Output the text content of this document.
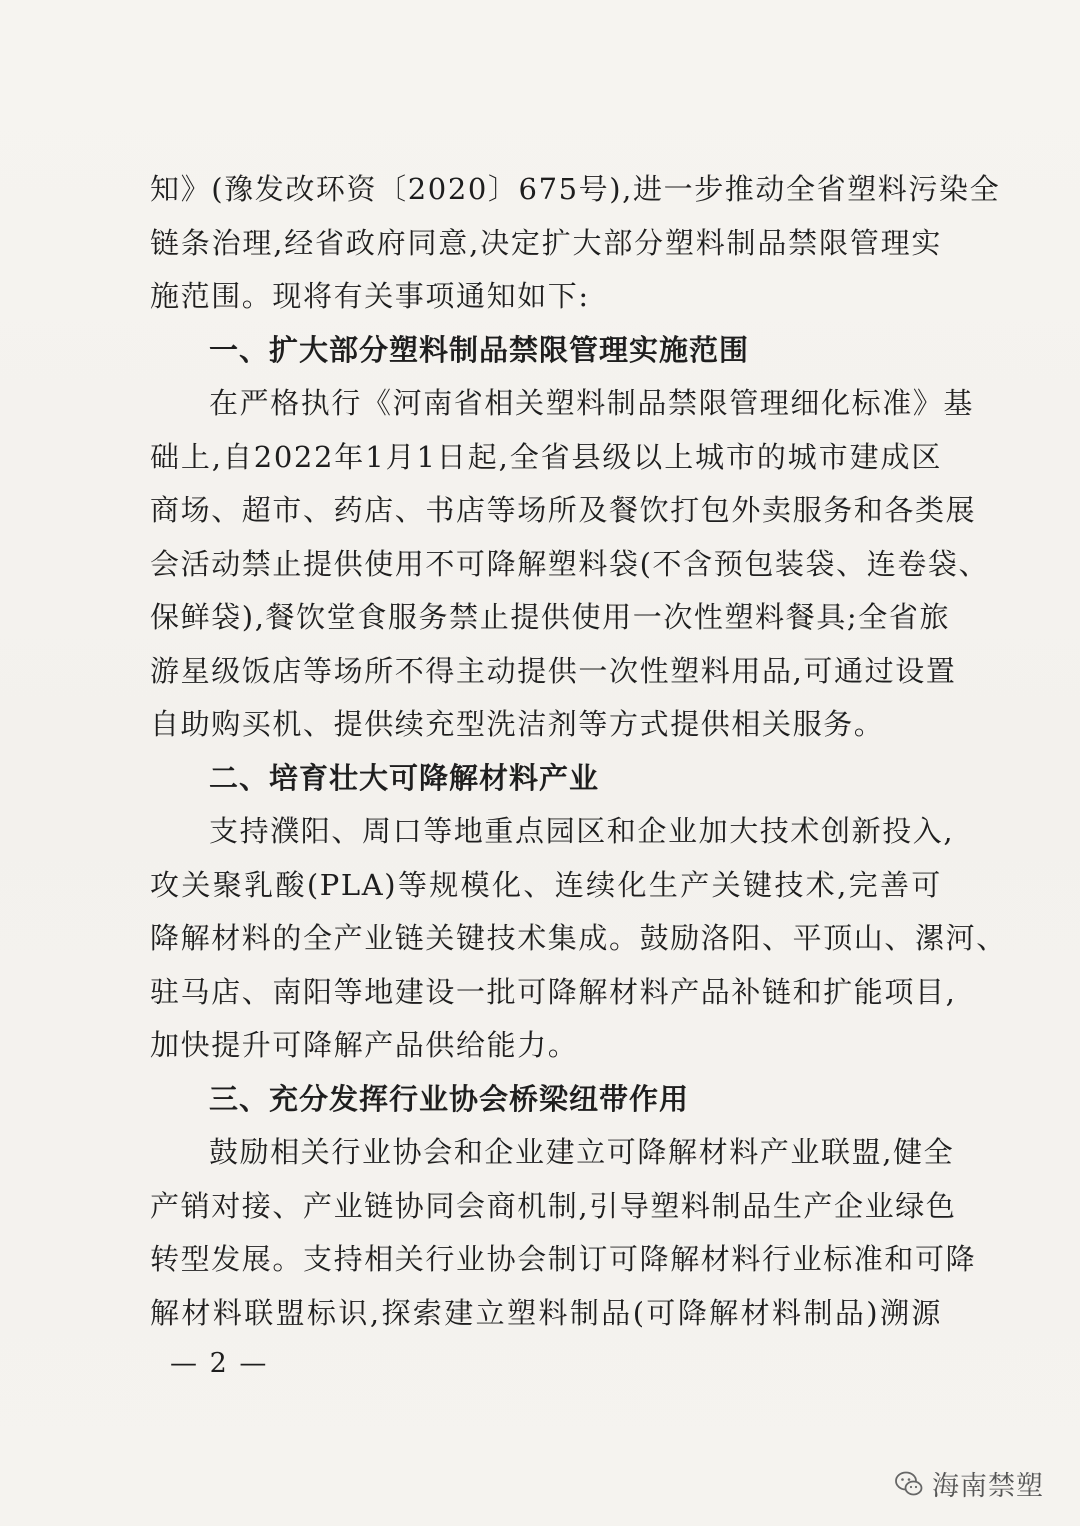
知》(豫发改环资〔2020〕675号),进一步推动全省塑料污染全
链条治理,经省政府同意,决定扩大部分塑料制品禁限管理实
施范围。现将有关事项通知如下:
一、扩大部分塑料制品禁限管理实施范围
在严格执行《河南省相关塑料制品禁限管理细化标准》基
础上,自2022年1月1日起,全省县级以上城市的城市建成区
商场、超市、药店、书店等场所及餐饮打包外卖服务和各类展
会活动禁止提供使用不可降解塑料袋(不含预包装袋、连卷袋、
保鲜袋),餐饮堂食服务禁止提供使用一次性塑料餐具;全省旅
游星级饭店等场所不得主动提供一次性塑料用品,可通过设置
自助购买机、提供续充型洗洁剂等方式提供相关服务。
二、培育壮大可降解材料产业
支持濮阳、周口等地重点园区和企业加大技术创新投入,
攻关聚乳酸(PLA)等规模化、连续化生产关键技术,完善可
降解材料的全产业链关键技术集成。鼓励洛阳、平顶山、漯河、
驻马店、南阳等地建设一批可降解材料产品补链和扩能项目,
加快提升可降解产品供给能力。
三、充分发挥行业协会桥梁纽带作用
鼓励相关行业协会和企业建立可降解材料产业联盟,健全
产销对接、产业链协同会商机制,引导塑料制品生产企业绿色
转型发展。支持相关行业协会制订可降解材料行业标准和可降
解材料联盟标识,探索建立塑料制品(可降解材料制品)溯源
— 2 —
海南禁塑
